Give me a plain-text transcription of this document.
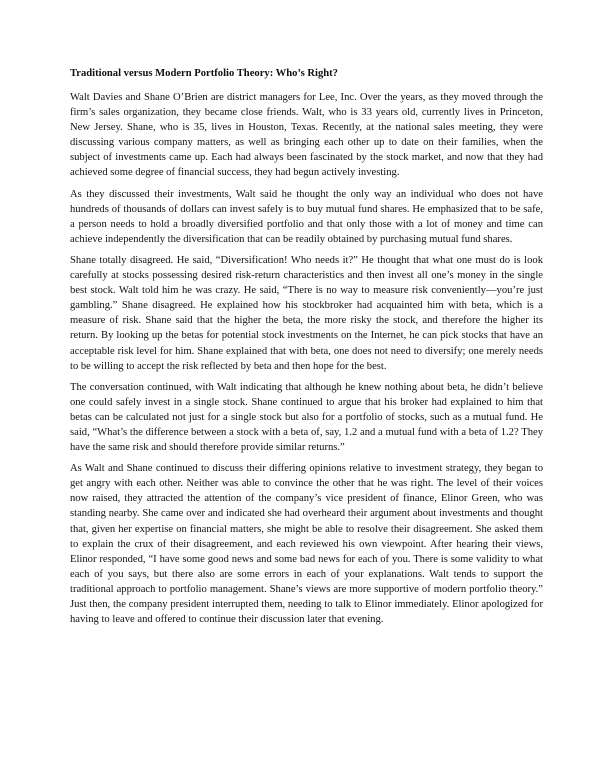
Traditional versus Modern Portfolio Theory: Who’s Right?

Walt Davies and Shane O’Brien are district managers for Lee, Inc. Over the years, as they moved through the firm’s sales organization, they became close friends. Walt, who is 33 years old, currently lives in Princeton, New Jersey. Shane, who is 35, lives in Houston, Texas. Recently, at the national sales meeting, they were discussing various company matters, as well as bringing each other up to date on their families, when the subject of investments came up. Each had always been fascinated by the stock market, and now that they had achieved some degree of financial success, they had begun actively investing.

As they discussed their investments, Walt said he thought the only way an individual who does not have hundreds of thousands of dollars can invest safely is to buy mutual fund shares. He emphasized that to be safe, a person needs to hold a broadly diversified portfolio and that only those with a lot of money and time can achieve independently the diversification that can be readily obtained by purchasing mutual fund shares.

Shane totally disagreed. He said, “Diversification! Who needs it?” He thought that what one must do is look carefully at stocks possessing desired risk-return characteristics and then invest all one’s money in the single best stock. Walt told him he was crazy. He said, “There is no way to measure risk conveniently—you’re just gambling.” Shane disagreed. He explained how his stockbroker had acquainted him with beta, which is a measure of risk. Shane said that the higher the beta, the more risky the stock, and therefore the higher its return. By looking up the betas for potential stock investments on the Internet, he can pick stocks that have an acceptable risk level for him. Shane explained that with beta, one does not need to diversify; one merely needs to be willing to accept the risk reflected by beta and then hope for the best.

The conversation continued, with Walt indicating that although he knew nothing about beta, he didn’t believe one could safely invest in a single stock. Shane continued to argue that his broker had explained to him that betas can be calculated not just for a single stock but also for a portfolio of stocks, such as a mutual fund. He said, “What’s the difference between a stock with a beta of, say, 1.2 and a mutual fund with a beta of 1.2? They have the same risk and should therefore provide similar returns.”

As Walt and Shane continued to discuss their differing opinions relative to investment strategy, they began to get angry with each other. Neither was able to convince the other that he was right. The level of their voices now raised, they attracted the attention of the company’s vice president of finance, Elinor Green, who was standing nearby. She came over and indicated she had overheard their argument about investments and thought that, given her expertise on financial matters, she might be able to resolve their disagreement. She asked them to explain the crux of their disagreement, and each reviewed his own viewpoint. After hearing their views, Elinor responded, “I have some good news and some bad news for each of you. There is some validity to what each of you says, but there also are some errors in each of your explanations. Walt tends to support the traditional approach to portfolio management. Shane’s views are more supportive of modern portfolio theory.” Just then, the company president interrupted them, needing to talk to Elinor immediately. Elinor apologized for having to leave and offered to continue their discussion later that evening.
